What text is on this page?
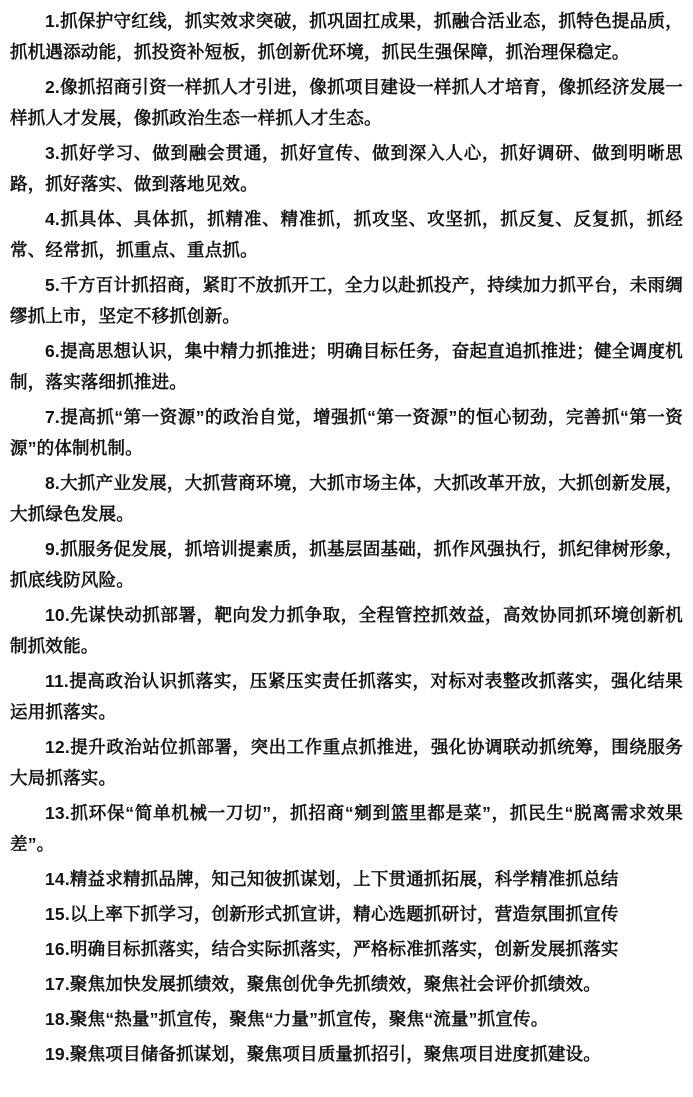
1.抓保护守红线，抓实效求突破，抓巩固扛成果，抓融合活业态，抓特色提品质，抓机遇添动能，抓投资补短板，抓创新优环境，抓民生强保障，抓治理保稳定。

2.像抓招商引资一样抓人才引进，像抓项目建设一样抓人才培育，像抓经济发展一样抓人才发展，像抓政治生态一样抓人才生态。

3.抓好学习、做到融会贯通，抓好宣传、做到深入人心，抓好调研、做到明晰思路，抓好落实、做到落地见效。

4.抓具体、具体抓，抓精准、精准抓，抓攻坚、攻坚抓，抓反复、反复抓，抓经常、经常抓，抓重点、重点抓。

5.千方百计抓招商，紧盯不放抓开工，全力以赴抓投产，持续加力抓平台，未雨绸缪抓上市，坚定不移抓创新。

6.提高思想认识，集中精力抓推进；明确目标任务，奋起直追抓推进；健全调度机制，落实落细抓推进。

7.提高抓“第一资源”的政治自觉，增强抓“第一资源”的恒心韧劲，完善抓“第一资源”的体制机制。

8.大抓产业发展，大抓营商环境，大抓市场主体，大抓改革开放，大抓创新发展，大抓绿色发展。

9.抓服务促发展，抓培训提素质，抓基层固基础，抓作风强执行，抓纪律树形象，抓底线防风险。

10.先谋快动抓部署，靶向发力抓争取，全程管控抓效益，高效协同抓环境创新机制抓效能。

11.提高政治认识抓落实，压紧压实责任抓落实，对标对表整改抓落实，强化结果运用抓落实。

12.提升政治站位抓部署，突出工作重点抓推进，强化协调联动抓统筹，围绕服务大局抓落实。

13.抓环保“简单机械一刀切”，抓招商“剜到篮里都是菜”，抓民生“脱离需求效果差”。

14.精益求精抓品牌，知己知彼抓谋划，上下贯通抓拓展，科学精准抓总结

15.以上率下抓学习，创新形式抓宣讲，精心选题抓研讨，营造氛围抓宣传

16.明确目标抓落实，结合实际抓落实，严格标准抓落实，创新发展抓落实

17.聚焦加快发展抓绩效，聚焦创优争先抓绩效，聚焦社会评价抓绩效。

18.聚焦“热量”抓宣传，聚焦“力量”抓宣传，聚焦“流量”抓宣传。

19.聚焦项目储备抓谋划，聚焦项目质量抓招引，聚焦项目进度抓建设。
